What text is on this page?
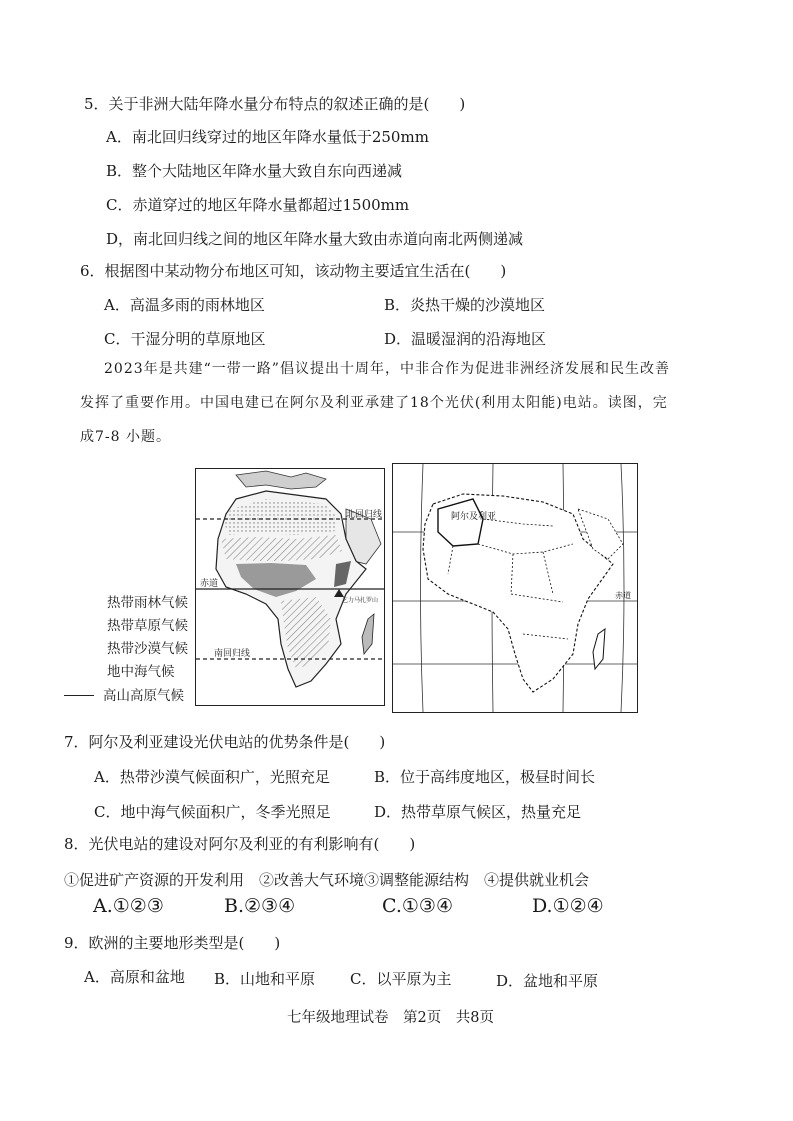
5．关于非洲大陆年降水量分布特点的叙述正确的是(　　)
A．南北回归线穿过的地区年降水量低于250mm
B．整个大陆地区年降水量大致自东向西递减
C．赤道穿过的地区年降水量都超过1500mm
D，南北回归线之间的地区年降水量大致由赤道向南北两侧递减
6．根据图中某动物分布地区可知，该动物主要适宜生活在(　　)
A．高温多雨的雨林地区	B．炎热干燥的沙漠地区
C．干湿分明的草原地区	D．温暖湿润的沿海地区
2023年是共建“一带一路”倡议提出十周年，中非合作为促进非洲经济发展和民生改善
发挥了重要作用。中国电建已在阿尔及利亚承建了18个光伏(利用太阳能)电站。读图，完
成7-8 小题。
北回归线
赤道
南回归线
乞力马扎罗山
热带雨林气候
热带草原气候
热带沙漠气候
地中海气候
高山高原气候
阿尔及利亚
赤道
7．阿尔及利亚建设光伏电站的优势条件是(　　)
A．热带沙漠气候面积广，光照充足	B．位于高纬度地区，极昼时间长
C．地中海气候面积广，冬季光照足	D．热带草原气候区，热量充足
8．光伏电站的建设对阿尔及利亚的有利影响有(　　)
①促进矿产资源的开发利用　②改善大气环境③调整能源结构　④提供就业机会
A.①②③	B.②③④	C.①③④	D.①②④
9．欧洲的主要地形类型是(　　)
A．高原和盆地 B．山地和平原 C．以平原为主	D．盆地和平原
七年级地理试卷　第2页　共8页
